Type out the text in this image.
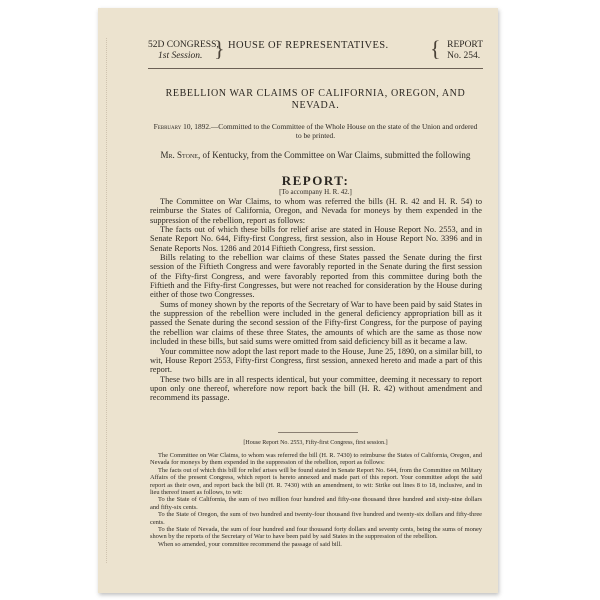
52D CONGRESS,
1st Session. } HOUSE OF REPRESENTATIVES. { REPORT
No. 254.
REBELLION WAR CLAIMS OF CALIFORNIA, OREGON, AND NEVADA.
February 10, 1892.—Committed to the Committee of the Whole House on the state of the Union and ordered to be printed.
Mr. Stone, of Kentucky, from the Committee on War Claims, submitted the following
REPORT:
[To accompany H. R. 42.]

The Committee on War Claims, to whom was referred the bills (H. R. 42 and H. R. 54) to reimburse the States of California, Oregon, and Nevada for moneys by them expended in the suppression of the rebellion, report as follows:

The facts out of which these bills for relief arise are stated in House Report No. 2553, and in Senate Report No. 644, Fifty-first Congress, first session, also in House Report No. 3396 and in Senate Reports Nos. 1286 and 2014 Fiftieth Congress, first session.

Bills relating to the rebellion war claims of these States passed the Senate during the first session of the Fiftieth Congress and were favorably reported in the Senate during the first session of the Fifty-first Congress, and were favorably reported from this committee during both the Fiftieth and the Fifty-first Congresses, but were not reached for consideration by the House during either of those two Congresses.

Sums of money shown by the reports of the Secretary of War to have been paid by said States in the suppression of the rebellion were included in the general deficiency appropriation bill as it passed the Senate during the second session of the Fifty-first Congress, for the purpose of paying the rebellion war claims of these three States, the amounts of which are the same as those now included in these bills, but said sums were omitted from said deficiency bill as it became a law.

Your committee now adopt the last report made to the House, June 25, 1890, on a similar bill, to wit, House Report 2553, Fifty-first Congress, first session, annexed hereto and made a part of this report.

These two bills are in all respects identical, but your committee, deeming it necessary to report upon only one thereof, wherefore now report back the bill (H. R. 42) without amendment and recommend its passage.

[House Report No. 2553, Fifty-first Congress, first session.]

The Committee on War Claims, to whom was referred the bill (H. R. 7430) to reimburse the States of California, Oregon, and Nevada for moneys by them expended in the suppression of the rebellion, report as follows:

The facts out of which this bill for relief arises will be found stated in Senate Report No. 644, from the Committee on Military Affairs of the present Congress, which report is hereto annexed and made part of this report. Your committee adopt the said report as their own, and report back the bill (H. R. 7430) with an amendment, to wit: Strike out lines 8 to 18, inclusive, and in lieu thereof insert as follows, to wit:

To the State of California, the sum of two million four hundred and fifty-one thousand three hundred and sixty-nine dollars and fifty-six cents.

To the State of Oregon, the sum of two hundred and twenty-four thousand five hundred and twenty-six dollars and fifty-three cents.

To the State of Nevada, the sum of four hundred and four thousand forty dollars and seventy cents, being the sums of money shown by the reports of the Secretary of War to have been paid by said States in the suppression of the rebellion.

When so amended, your committee recommend the passage of said bill.
